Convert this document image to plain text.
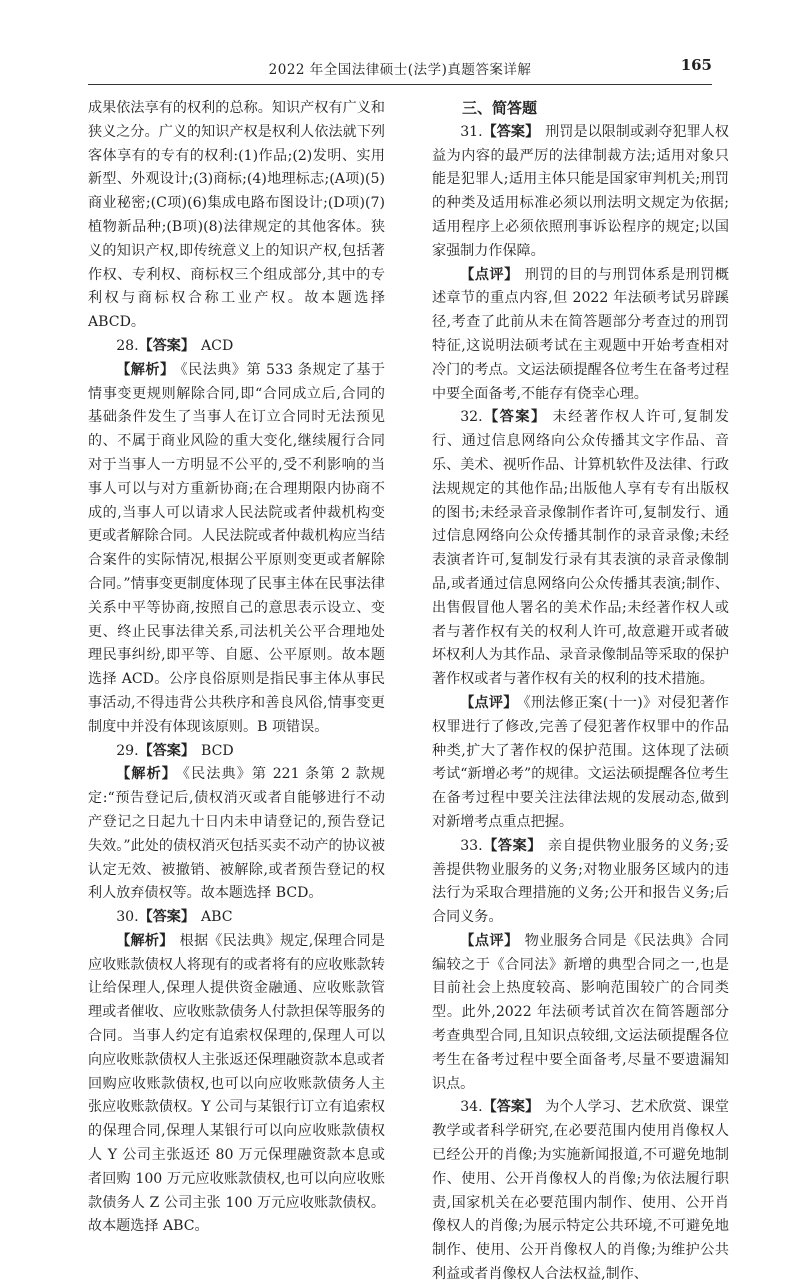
2022 年全国法律硕士(法学)真题答案详解	165

成果依法享有的权利的总称。知识产权有广义和狭义之分。广义的知识产权是权利人依法就下列客体享有的专有的权利:(1)作品;(2)发明、实用新型、外观设计;(3)商标;(4)地理标志;(A项)(5)商业秘密;(C项)(6)集成电路布图设计;(D项)(7)植物新品种;(B项)(8)法律规定的其他客体。狭义的知识产权,即传统意义上的知识产权,包括著作权、专利权、商标权三个组成部分,其中的专利权与商标权合称工业产权。故本题选择 ABCD。

28.【答案】 ACD

【解析】 《民法典》第 533 条规定了基于情事变更规则解除合同,即“合同成立后,合同的基础条件发生了当事人在订立合同时无法预见的、不属于商业风险的重大变化,继续履行合同对于当事人一方明显不公平的,受不利影响的当事人可以与对方重新协商;在合理期限内协商不成的,当事人可以请求人民法院或者仲裁机构变更或者解除合同。人民法院或者仲裁机构应当结合案件的实际情况,根据公平原则变更或者解除合同。”情事变更制度体现了民事主体在民事法律关系中平等协商,按照自己的意思表示设立、变更、终止民事法律关系,司法机关公平合理地处理民事纠纷,即平等、自愿、公平原则。故本题选择 ACD。公序良俗原则是指民事主体从事民事活动,不得违背公共秩序和善良风俗,情事变更制度中并没有体现该原则。B 项错误。

29.【答案】 BCD

【解析】 《民法典》第 221 条第 2 款规定:“预告登记后,债权消灭或者自能够进行不动产登记之日起九十日内未申请登记的,预告登记失效。”此处的债权消灭包括买卖不动产的协议被认定无效、被撤销、被解除,或者预告登记的权利人放弃债权等。故本题选择 BCD。

30.【答案】 ABC

【解析】 根据《民法典》规定,保理合同是应收账款债权人将现有的或者将有的应收账款转让给保理人,保理人提供资金融通、应收账款管理或者催收、应收账款债务人付款担保等服务的合同。当事人约定有追索权保理的,保理人可以向应收账款债权人主张返还保理融资款本息或者回购应收账款债权,也可以向应收账款债务人主张应收账款债权。Y 公司与某银行订立有追索权的保理合同,保理人某银行可以向应收账款债权人 Y 公司主张返还 80 万元保理融资款本息或者回购 100 万元应收账款债权,也可以向应收账款债务人 Z 公司主张 100 万元应收账款债权。故本题选择 ABC。

三、简答题

31.【答案】 刑罚是以限制或剥夺犯罪人权益为内容的最严厉的法律制裁方法;适用对象只能是犯罪人;适用主体只能是国家审判机关;刑罚的种类及适用标准必须以刑法明文规定为依据;适用程序上必须依照刑事诉讼程序的规定;以国家强制力作保障。

【点评】 刑罚的目的与刑罚体系是刑罚概述章节的重点内容,但 2022 年法硕考试另辟蹊径,考查了此前从未在简答题部分考查过的刑罚特征,这说明法硕考试在主观题中开始考查相对冷门的考点。文运法硕提醒各位考生在备考过程中要全面备考,不能存有侥幸心理。

32.【答案】 未经著作权人许可,复制发行、通过信息网络向公众传播其文字作品、音乐、美术、视听作品、计算机软件及法律、行政法规规定的其他作品;出版他人享有专有出版权的图书;未经录音录像制作者许可,复制发行、通过信息网络向公众传播其制作的录音录像;未经表演者许可,复制发行录有其表演的录音录像制品,或者通过信息网络向公众传播其表演;制作、出售假冒他人署名的美术作品;未经著作权人或者与著作权有关的权利人许可,故意避开或者破坏权利人为其作品、录音录像制品等采取的保护著作权或者与著作权有关的权利的技术措施。

【点评】 《刑法修正案(十一)》对侵犯著作权罪进行了修改,完善了侵犯著作权罪中的作品种类,扩大了著作权的保护范围。这体现了法硕考试“新增必考”的规律。文运法硕提醒各位考生在备考过程中要关注法律法规的发展动态,做到对新增考点重点把握。

33.【答案】 亲自提供物业服务的义务;妥善提供物业服务的义务;对物业服务区域内的违法行为采取合理措施的义务;公开和报告义务;后合同义务。

【点评】 物业服务合同是《民法典》合同编较之于《合同法》新增的典型合同之一,也是目前社会上热度较高、影响范围较广的合同类型。此外,2022 年法硕考试首次在简答题部分考查典型合同,且知识点较细,文运法硕提醒各位考生在备考过程中要全面备考,尽量不要遗漏知识点。

34.【答案】 为个人学习、艺术欣赏、课堂教学或者科学研究,在必要范围内使用肖像权人已经公开的肖像;为实施新闻报道,不可避免地制作、使用、公开肖像权人的肖像;为依法履行职责,国家机关在必要范围内制作、使用、公开肖像权人的肖像;为展示特定公共环境,不可避免地制作、使用、公开肖像权人的肖像;为维护公共利益或者肖像权人合法权益,制作、
